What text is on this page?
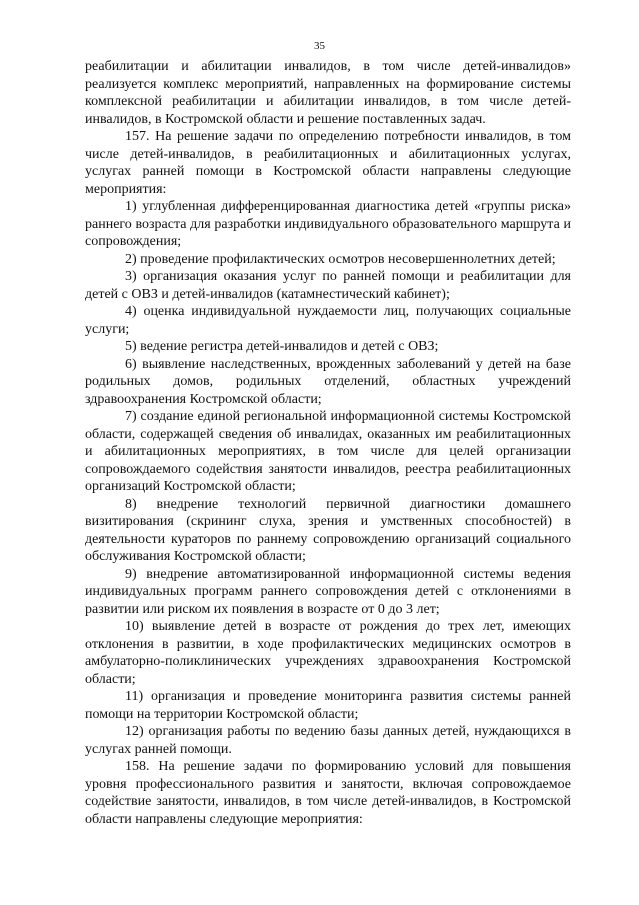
35

реабилитации и абилитации инвалидов, в том числе детей-инвалидов» реализуется комплекс мероприятий, направленных на формирование системы комплексной реабилитации и абилитации инвалидов, в том числе детей-инвалидов, в Костромской области и решение поставленных задач.

157. На решение задачи по определению потребности инвалидов, в том числе детей-инвалидов, в реабилитационных и абилитационных услугах, услугах ранней помощи в Костромской области направлены следующие мероприятия:

1) углубленная дифференцированная диагностика детей «группы риска» раннего возраста для разработки индивидуального образовательного маршрута и сопровождения;

2) проведение профилактических осмотров несовершеннолетних детей;

3) организация оказания услуг по ранней помощи и реабилитации для детей с ОВЗ и детей-инвалидов (катамнестический кабинет);

4) оценка индивидуальной нуждаемости лиц, получающих социальные услуги;

5) ведение регистра детей-инвалидов и детей с ОВЗ;

6) выявление наследственных, врожденных заболеваний у детей на базе родильных домов, родильных отделений, областных учреждений здравоохранения Костромской области;

7) создание единой региональной информационной системы Костромской области, содержащей сведения об инвалидах, оказанных им реабилитационных и абилитационных мероприятиях, в том числе для целей организации сопровождаемого содействия занятости инвалидов, реестра реабилитационных организаций Костромской области;

8) внедрение технологий первичной диагностики домашнего визитирования (скрининг слуха, зрения и умственных способностей) в деятельности кураторов по раннему сопровождению организаций социального обслуживания Костромской области;

9) внедрение автоматизированной информационной системы ведения индивидуальных программ раннего сопровождения детей с отклонениями в развитии или риском их появления в возрасте от 0 до 3 лет;

10) выявление детей в возрасте от рождения до трех лет, имеющих отклонения в развитии, в ходе профилактических медицинских осмотров в амбулаторно-поликлинических учреждениях здравоохранения Костромской области;

11) организация и проведение мониторинга развития системы ранней помощи на территории Костромской области;

12) организация работы по ведению базы данных детей, нуждающихся в услугах ранней помощи.

158. На решение задачи по формированию условий для повышения уровня профессионального развития и занятости, включая сопровождаемое содействие занятости, инвалидов, в том числе детей-инвалидов, в Костромской области направлены следующие мероприятия:
